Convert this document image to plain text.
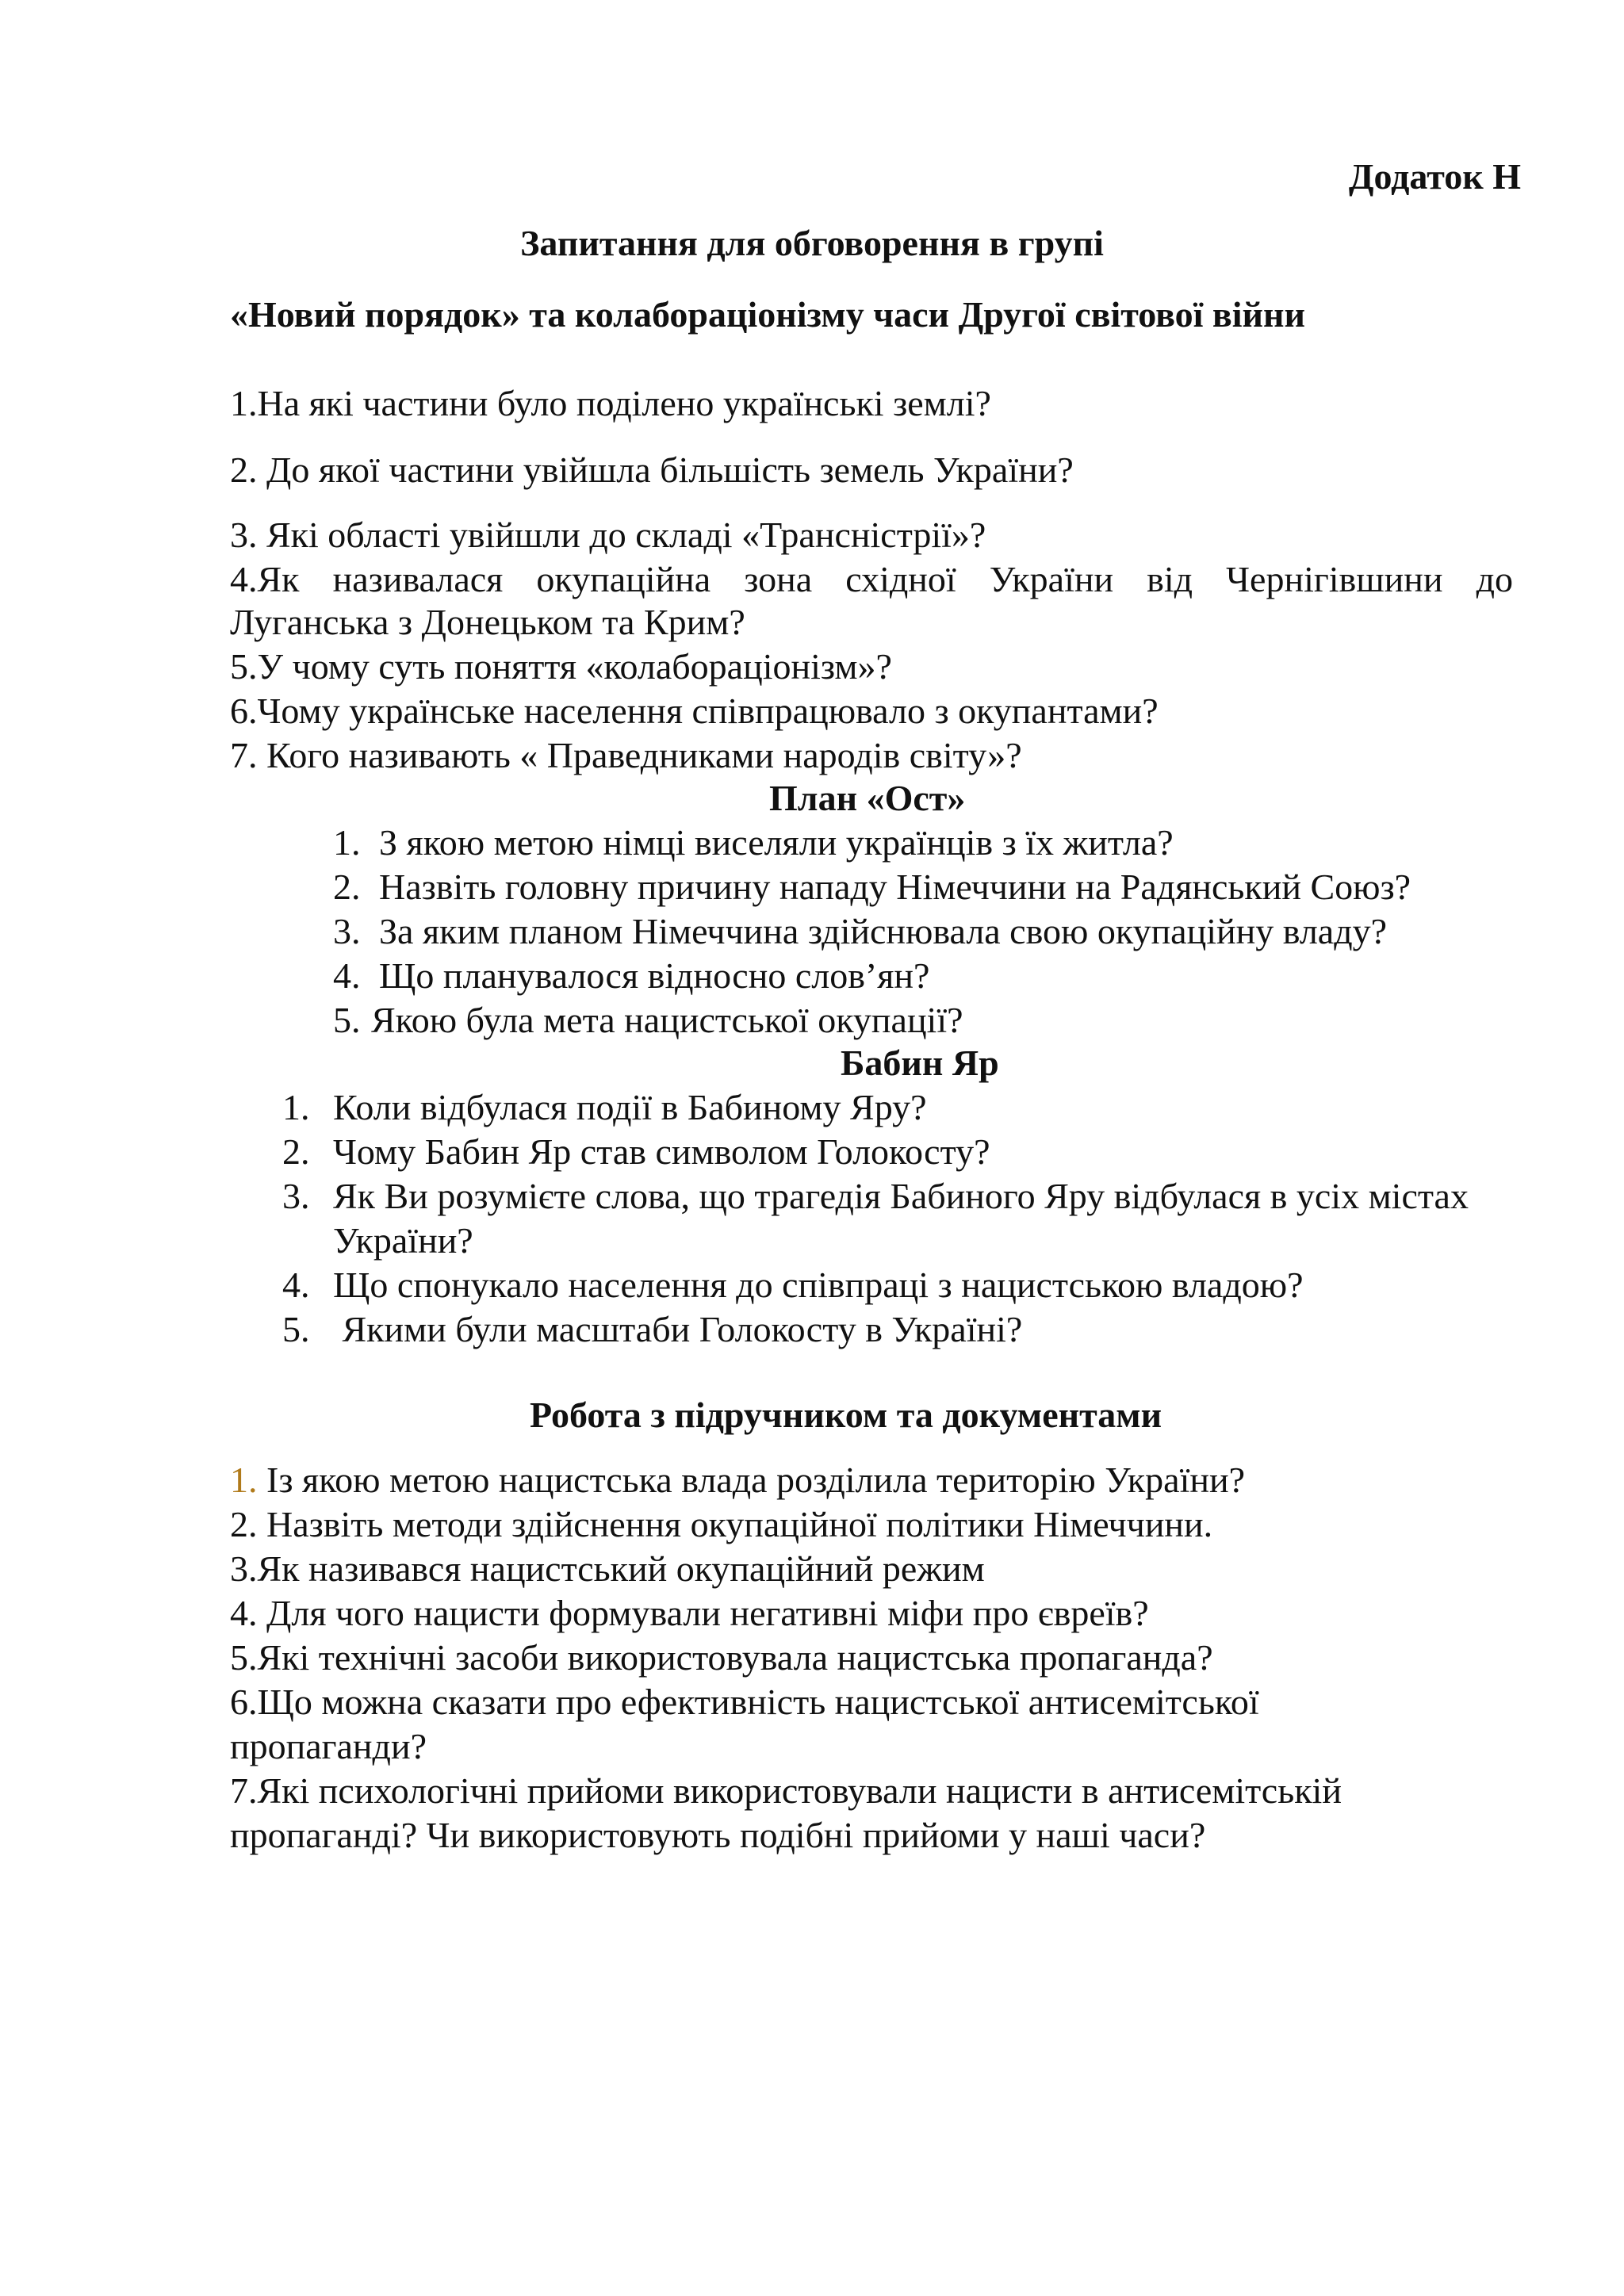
Додаток Н
Запитання для обговорення в групі
«Новий порядок» та колабораціонізму часи Другої світової війни
1.На які частини було поділено українські землі?
2. До якої частини увійшла більшість земель України?
3. Які області увійшли до складі «Трансністрії»?
4.Як називалася окупаційна зона східної України від Чернігівшини до
Луганська з Донецьком та Крим?
5.У чому суть поняття «колабораціонізм»?
6.Чому українське населення співпрацювало з окупантами?
7. Кого називають « Праведниками народів світу»?
План «Ост»
1. З якою метою німці виселяли українців з їх житла?
2. Назвіть головну причину нападу Німеччини на Радянський Союз?
3. За яким планом Німеччина здійснювала свою окупаційну владу?
4. Що планувалося відносно слов’ян?
5. Якою була мета нацистської окупації?
Бабин Яр
1. Коли відбулася події в Бабиному Яру?
2. Чому Бабин Яр став символом Голокосту?
3. Як Ви розумієте слова, що трагедія Бабиного Яру відбулася в усіх містах
України?
4. Що спонукало населення до співпраці з нацистською владою?
5. Якими були масштаби Голокосту в Україні?
Робота з підручником та документами
1. Із якою метою нацистська влада розділила територію України?
2. Назвіть методи здійснення окупаційної політики Німеччини.
3.Як називався нацистський окупаційний режим
4. Для чого нацисти формували негативні міфи про євреїв?
5.Які технічні засоби використовувала нацистська пропаганда?
6.Що можна сказати про ефективність нацистської антисемітської
пропаганди?
7.Які психологічні прийоми використовували нацисти в антисемітській
пропаганді? Чи використовують подібні прийоми у наші часи?
